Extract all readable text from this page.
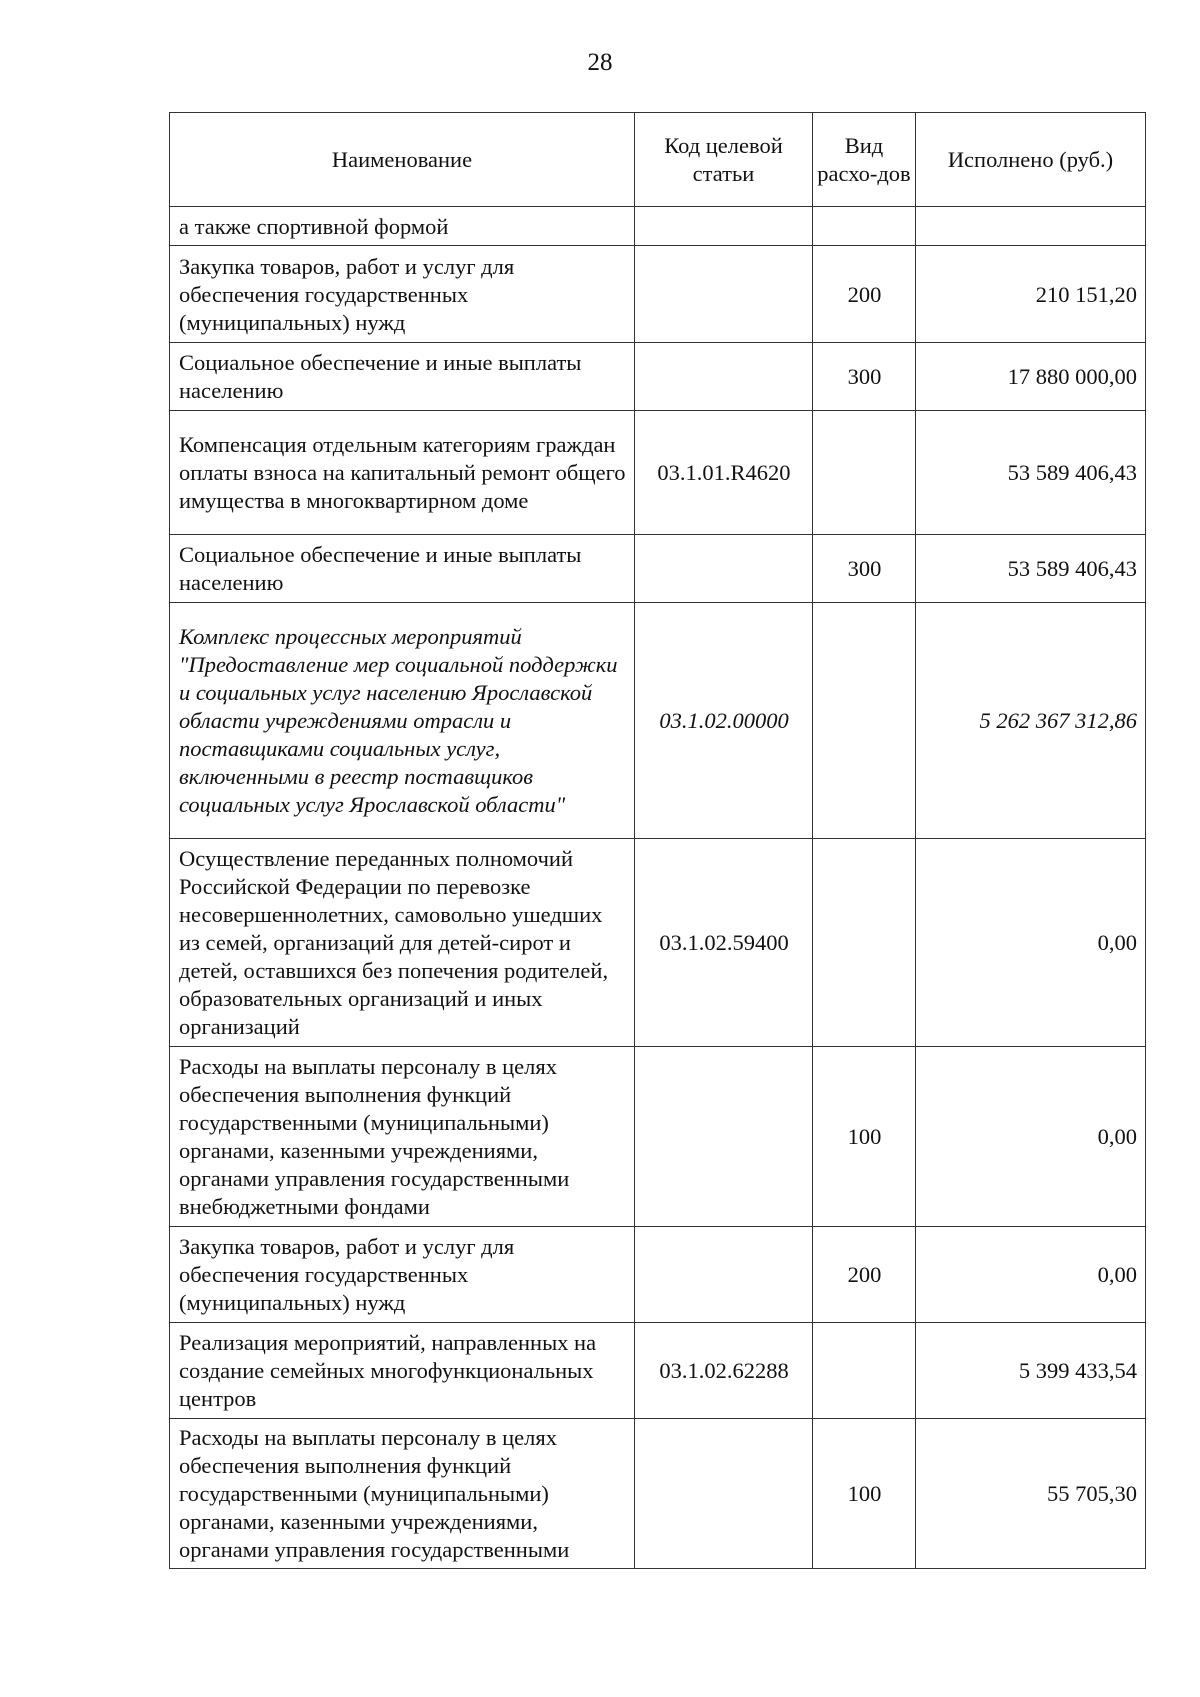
28
Наименование	Код целевой статьи	Вид расхо-дов	Исполнено (руб.)
а также спортивной формой			
Закупка товаров, работ и услуг для обеспечения государственных (муниципальных) нужд		200	210 151,20
Социальное обеспечение и иные выплаты населению		300	17 880 000,00
Компенсация отдельным категориям граждан оплаты взноса на капитальный ремонт общего имущества в многоквартирном доме	03.1.01.R4620		53 589 406,43
Социальное обеспечение и иные выплаты населению		300	53 589 406,43
Комплекс процессных мероприятий "Предоставление мер социальной поддержки и социальных услуг населению Ярославской области учреждениями отрасли и поставщиками социальных услуг, включенными в реестр поставщиков социальных услуг Ярославской области"	03.1.02.00000		5 262 367 312,86
Осуществление переданных полномочий Российской Федерации по перевозке несовершеннолетних, самовольно ушедших из семей, организаций для детей-сирот и детей, оставшихся без попечения родителей, образовательных организаций и иных организаций	03.1.02.59400		0,00
Расходы на выплаты персоналу в целях обеспечения выполнения функций государственными (муниципальными) органами, казенными учреждениями, органами управления государственными внебюджетными фондами		100	0,00
Закупка товаров, работ и услуг для обеспечения государственных (муниципальных) нужд		200	0,00
Реализация мероприятий, направленных на создание семейных многофункциональных центров	03.1.02.62288		5 399 433,54
Расходы на выплаты персоналу в целях обеспечения выполнения функций государственными (муниципальными) органами, казенными учреждениями, органами управления государственными		100	55 705,30
